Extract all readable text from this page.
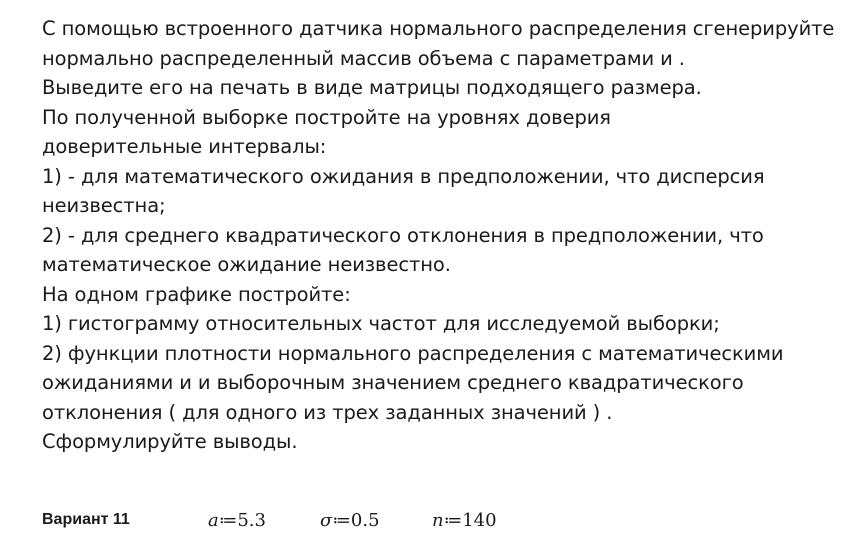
С помощью встроенного датчика нормального распределения сгенерируйте
нормально распределенный массив объема с параметрами и .
Выведите его на печать в виде матрицы подходящего размера.
По полученной выборке постройте на уровнях доверия
доверительные интервалы:
1) - для математического ожидания в предположении, что дисперсия
неизвестна;
2) - для среднего квадратического отклонения в предположении, что
математическое ожидание неизвестно.
На одном графике постройте:
1) гистограмму относительных частот для исследуемой выборки;
2) функции плотности нормального распределения с математическими
ожиданиями и и выборочным значением среднего квадратического
отклонения ( для одного из трех заданных значений ) .
Сформулируйте выводы.
Вариант 11	a≔5.3	σ≔0.5	n≔140
